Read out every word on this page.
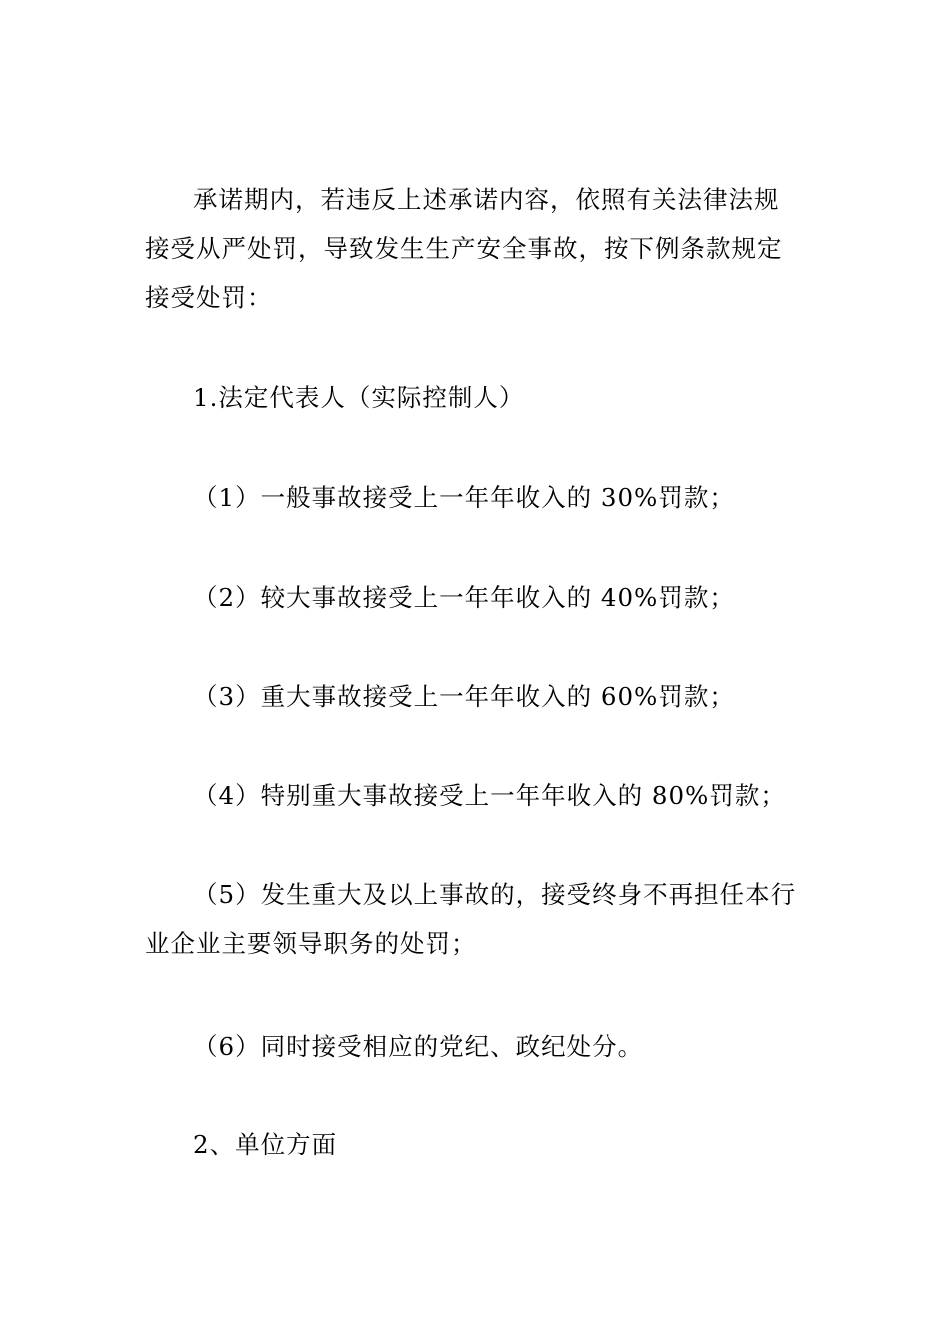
承诺期内，若违反上述承诺内容，依照有关法律法规
接受从严处罚，导致发生生产安全事故，按下例条款规定
接受处罚：
1.法定代表人（实际控制人）
（1）一般事故接受上一年年收入的 30%罚款；
（2）较大事故接受上一年年收入的 40%罚款；
（3）重大事故接受上一年年收入的 60%罚款；
（4）特别重大事故接受上一年年收入的 80%罚款；
（5）发生重大及以上事故的，接受终身不再担任本行
业企业主要领导职务的处罚；
（6）同时接受相应的党纪、政纪处分。
2、单位方面
